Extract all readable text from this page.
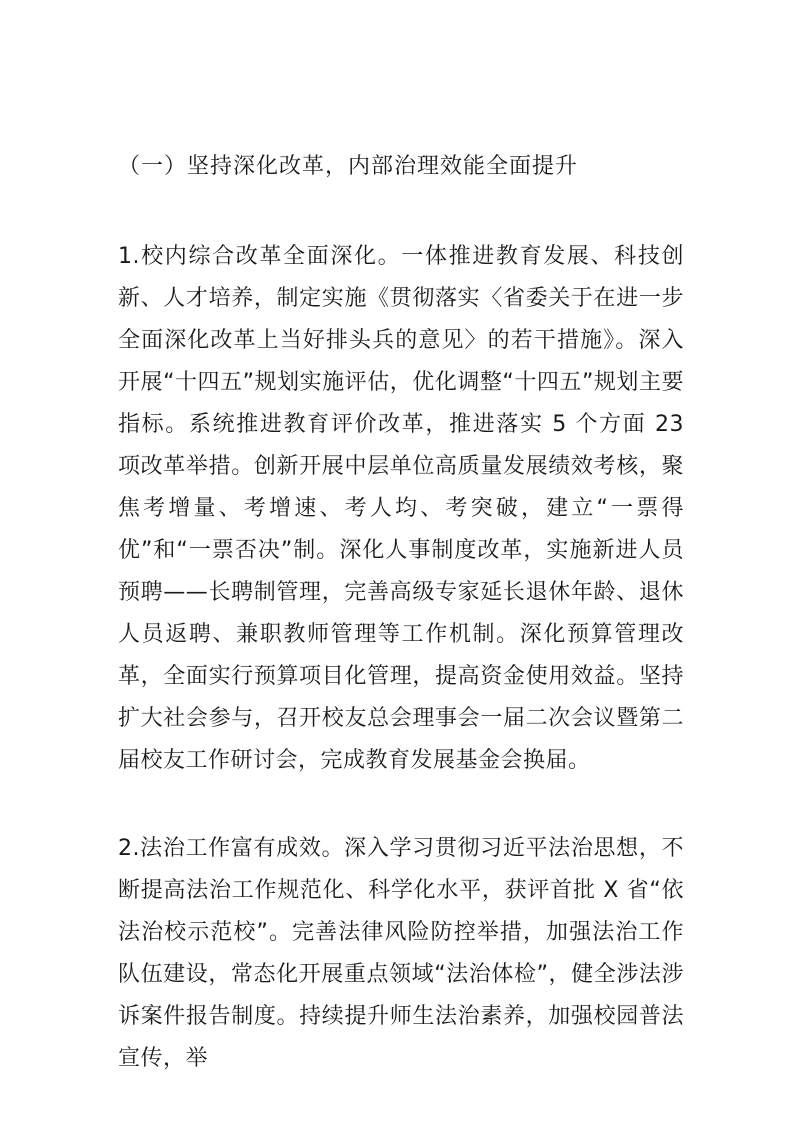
（一）坚持深化改革，内部治理效能全面提升

1.校内综合改革全面深化。一体推进教育发展、科技创新、人才培养，制定实施《贯彻落实〈省委关于在进一步全面深化改革上当好排头兵的意见〉的若干措施》。深入开展“十四五”规划实施评估，优化调整“十四五”规划主要指标。系统推进教育评价改革，推进落实 5 个方面 23 项改革举措。创新开展中层单位高质量发展绩效考核，聚焦考增量、考增速、考人均、考突破，建立“一票得优”和“一票否决”制。深化人事制度改革，实施新进人员预聘——长聘制管理，完善高级专家延长退休年龄、退休人员返聘、兼职教师管理等工作机制。深化预算管理改革，全面实行预算项目化管理，提高资金使用效益。坚持扩大社会参与，召开校友总会理事会一届二次会议暨第二届校友工作研讨会，完成教育发展基金会换届。

2.法治工作富有成效。深入学习贯彻习近平法治思想，不断提高法治工作规范化、科学化水平，获评首批 X 省“依法治校示范校”。完善法律风险防控举措，加强法治工作队伍建设，常态化开展重点领域“法治体检”，健全涉法涉诉案件报告制度。持续提升师生法治素养，加强校园普法宣传，举
